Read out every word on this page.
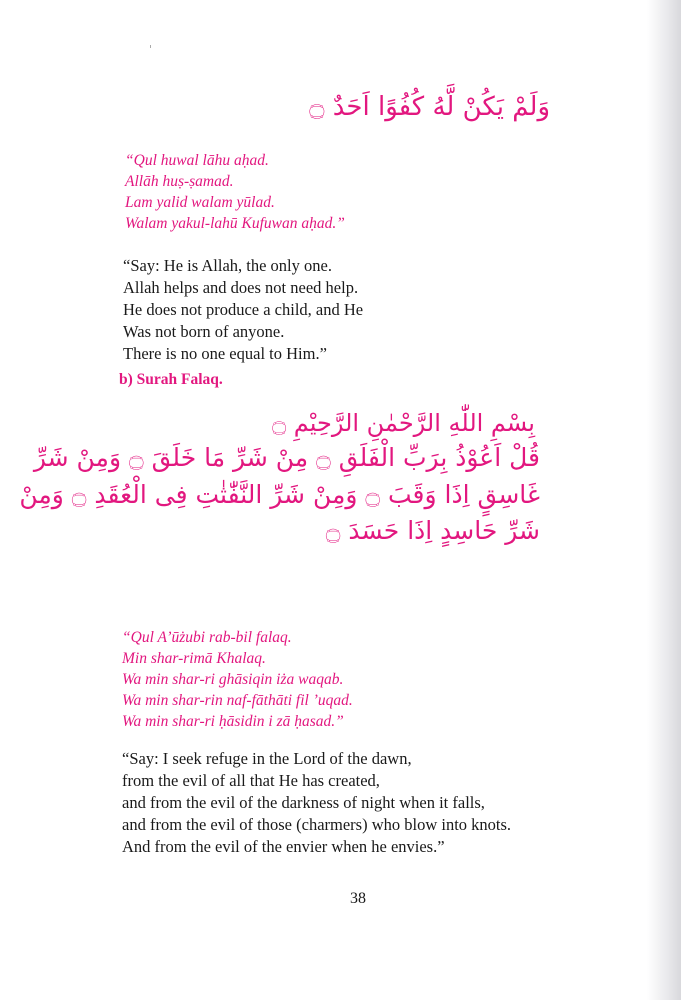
وَلَمْ يَكُنْ لَّهُ كُفُوًا اَحَدٌ ۝
“Qul huwal lāhu aḥad.
Allāh huṣ-ṣamad.
Lam yalid walam yūlad.
Walam yakul-lahū Kufuwan aḥad.”
“Say: He is Allah, the only one.
Allah helps and does not need help.
He does not produce a child, and He
Was not born of anyone.
There is no one equal to Him.”
b) Surah Falaq.
بِسْمِ اللّٰهِ الرَّحْمٰنِ الرَّحِيْمِ ۝
قُلْ اَعُوْذُ بِرَبِّ الْفَلَقِ ۝ مِنْ شَرِّ مَا خَلَقَ ۝ وَمِنْ شَرِّ
غَاسِقٍ اِذَا وَقَبَ ۝ وَمِنْ شَرِّ النَّفّٰثٰتِ فِى الْعُقَدِ ۝ وَمِنْ
شَرِّ حَاسِدٍ اِذَا حَسَدَ ۝
“Qul A’ūżubi rab-bil falaq.
Min shar-rimā Khalaq.
Wa min shar-ri ghāsiqin iża waqab.
Wa min shar-rin naf-fāthāti fil ’uqad.
Wa min shar-ri ḥāsidin i zā ḥasad.”
“Say: I seek refuge in the Lord of the dawn,
from the evil of all that He has created,
and from the evil of the darkness of night when it falls,
and from the evil of those (charmers) who blow into knots.
And from the evil of the envier when he envies.”
38
